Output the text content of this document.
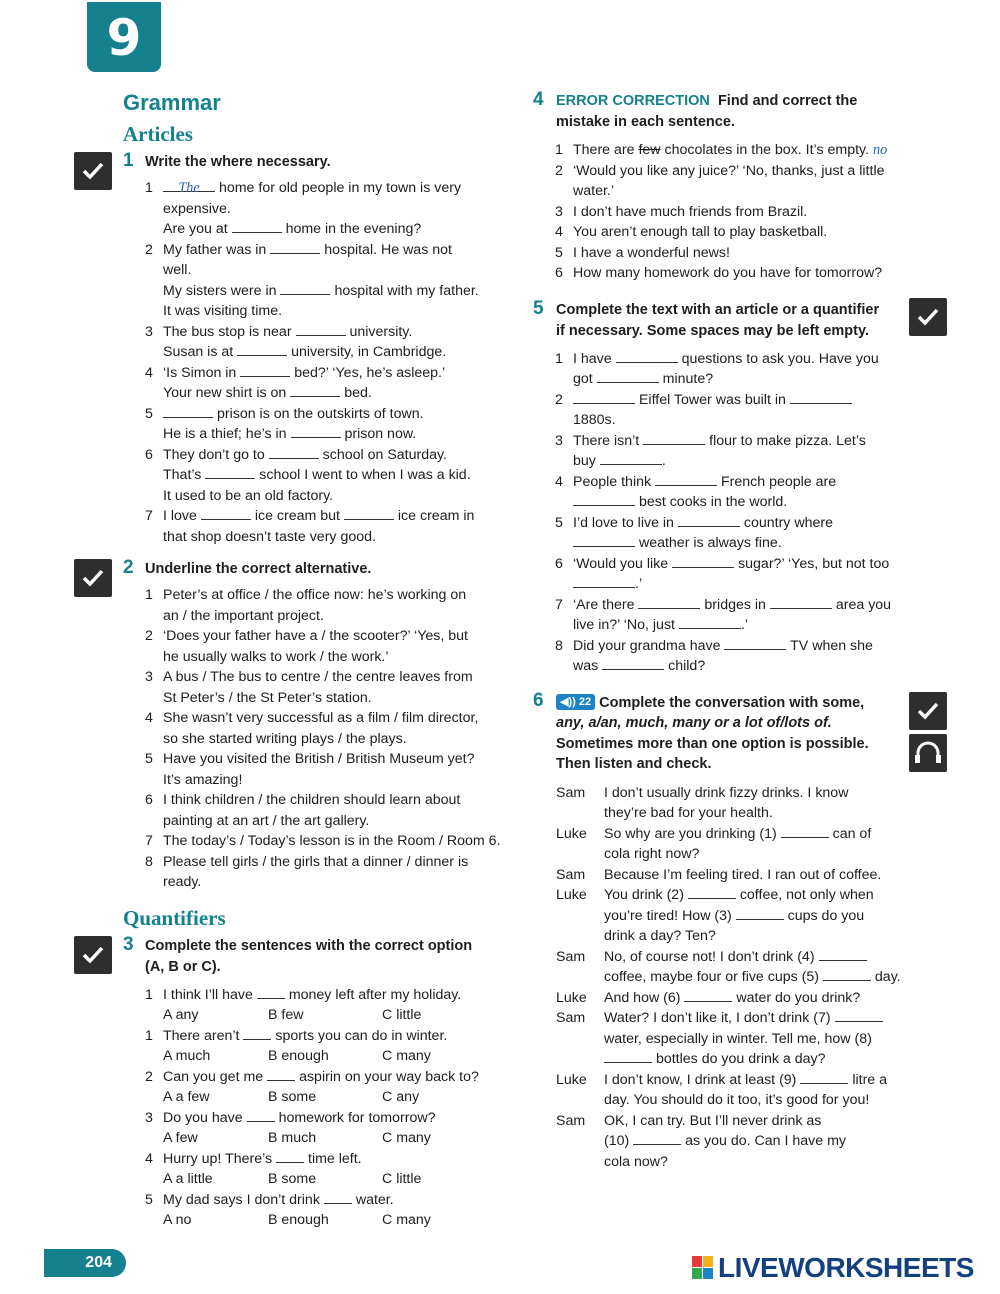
9
Grammar
Articles
1 Write the where necessary.
1 The home for old people in my town is very
expensive.
Are you at	home in the evening?
2 My father was in	hospital. He was not
well.
My sisters were in	hospital with my father.
It was visiting time.
3 The bus stop is near	university.
Susan is at	university, in Cambridge.
4 ‘Is Simon in	bed?’ ‘Yes, he’s asleep.’
Your new shirt is on	bed.
5	prison is on the outskirts of town.
He is a thief; he’s in	prison now.
6 They don’t go to	school on Saturday.
That’s	school I went to when I was a kid.
It used to be an old factory.
7 I love	ice cream but	ice cream in
that shop doesn’t taste very good.
2 Underline the correct alternative.
1 Peter’s at office / the office now: he’s working on
an / the important project.
2 ‘Does your father have a / the scooter?’ ‘Yes, but
he usually walks to work / the work.’
3 A bus / The bus to centre / the centre leaves from
St Peter’s / the St Peter’s station.
4 She wasn’t very successful as a film / film director,
so she started writing plays / the plays.
5 Have you visited the British / British Museum yet?
It’s amazing!
6 I think children / the children should learn about
painting at an art / the art gallery.
7 The today’s / Today’s lesson is in the Room / Room 6.
8 Please tell girls / the girls that a dinner / dinner is
ready.
Quantifiers
3 Complete the sentences with the correct option
(A, B or C).
1 I think I’ll have	money left after my holiday.
A any	B few	C little
1 There aren’t	sports you can do in winter.
A much	B enough	C many
2 Can you get me	aspirin on your way back to?
A a few	B some	C any
3 Do you have	homework for tomorrow?
A few	B much	C many
4 Hurry up! There’s	time left.
A a little	B some	C little
5 My dad says I don’t drink	water.
A no	B enough	C many
4 ERROR CORRECTION Find and correct the
mistake in each sentence.
1 There are few chocolates in the box. It’s empty. no
2 ‘Would you like any juice?’ ‘No, thanks, just a little
water.’
3 I don’t have much friends from Brazil.
4 You aren’t enough tall to play basketball.
5 I have a wonderful news!
6 How many homework do you have for tomorrow?
5 Complete the text with an article or a quantifier
if necessary. Some spaces may be left empty.
1 I have	questions to ask you. Have you
got	minute?
2	Eiffel Tower was built in
1880s.
3 There isn’t	flour to make pizza. Let’s
buy	.
4 People think	French people are
best cooks in the world.
5 I’d love to live in	country where
weather is always fine.
6 ‘Would you like	sugar?’ ‘Yes, but not too
.’
7 ‘Are there	bridges in	area you
live in?’ ‘No, just	.’
8 Did your grandma have	TV when she
was	child?
6	◀)) 22 Complete the conversation with some,
any, a/an, much, many or a lot of/lots of.
Sometimes more than one option is possible.
Then listen and check.
Sam I don’t usually drink fizzy drinks. I know
they’re bad for your health.
Luke So why are you drinking (1)	can of
cola right now?
Sam Because I’m feeling tired. I ran out of coffee.
Luke You drink (2)	coffee, not only when
you’re tired! How (3)	cups do you
drink a day? Ten?
Sam No, of course not! I don’t drink (4)
coffee, maybe four or five cups (5)	day.
Luke And how (6)	water do you drink?
Sam Water? I don’t like it, I don’t drink (7)
water, especially in winter. Tell me, how (8)
bottles do you drink a day?
Luke I don’t know, I drink at least (9)	litre a
day. You should do it too, it’s good for you!
Sam OK, I can try. But I’ll never drink as
(10)	as you do. Can I have my
cola now?
204	LIVEWORKSHEETS
